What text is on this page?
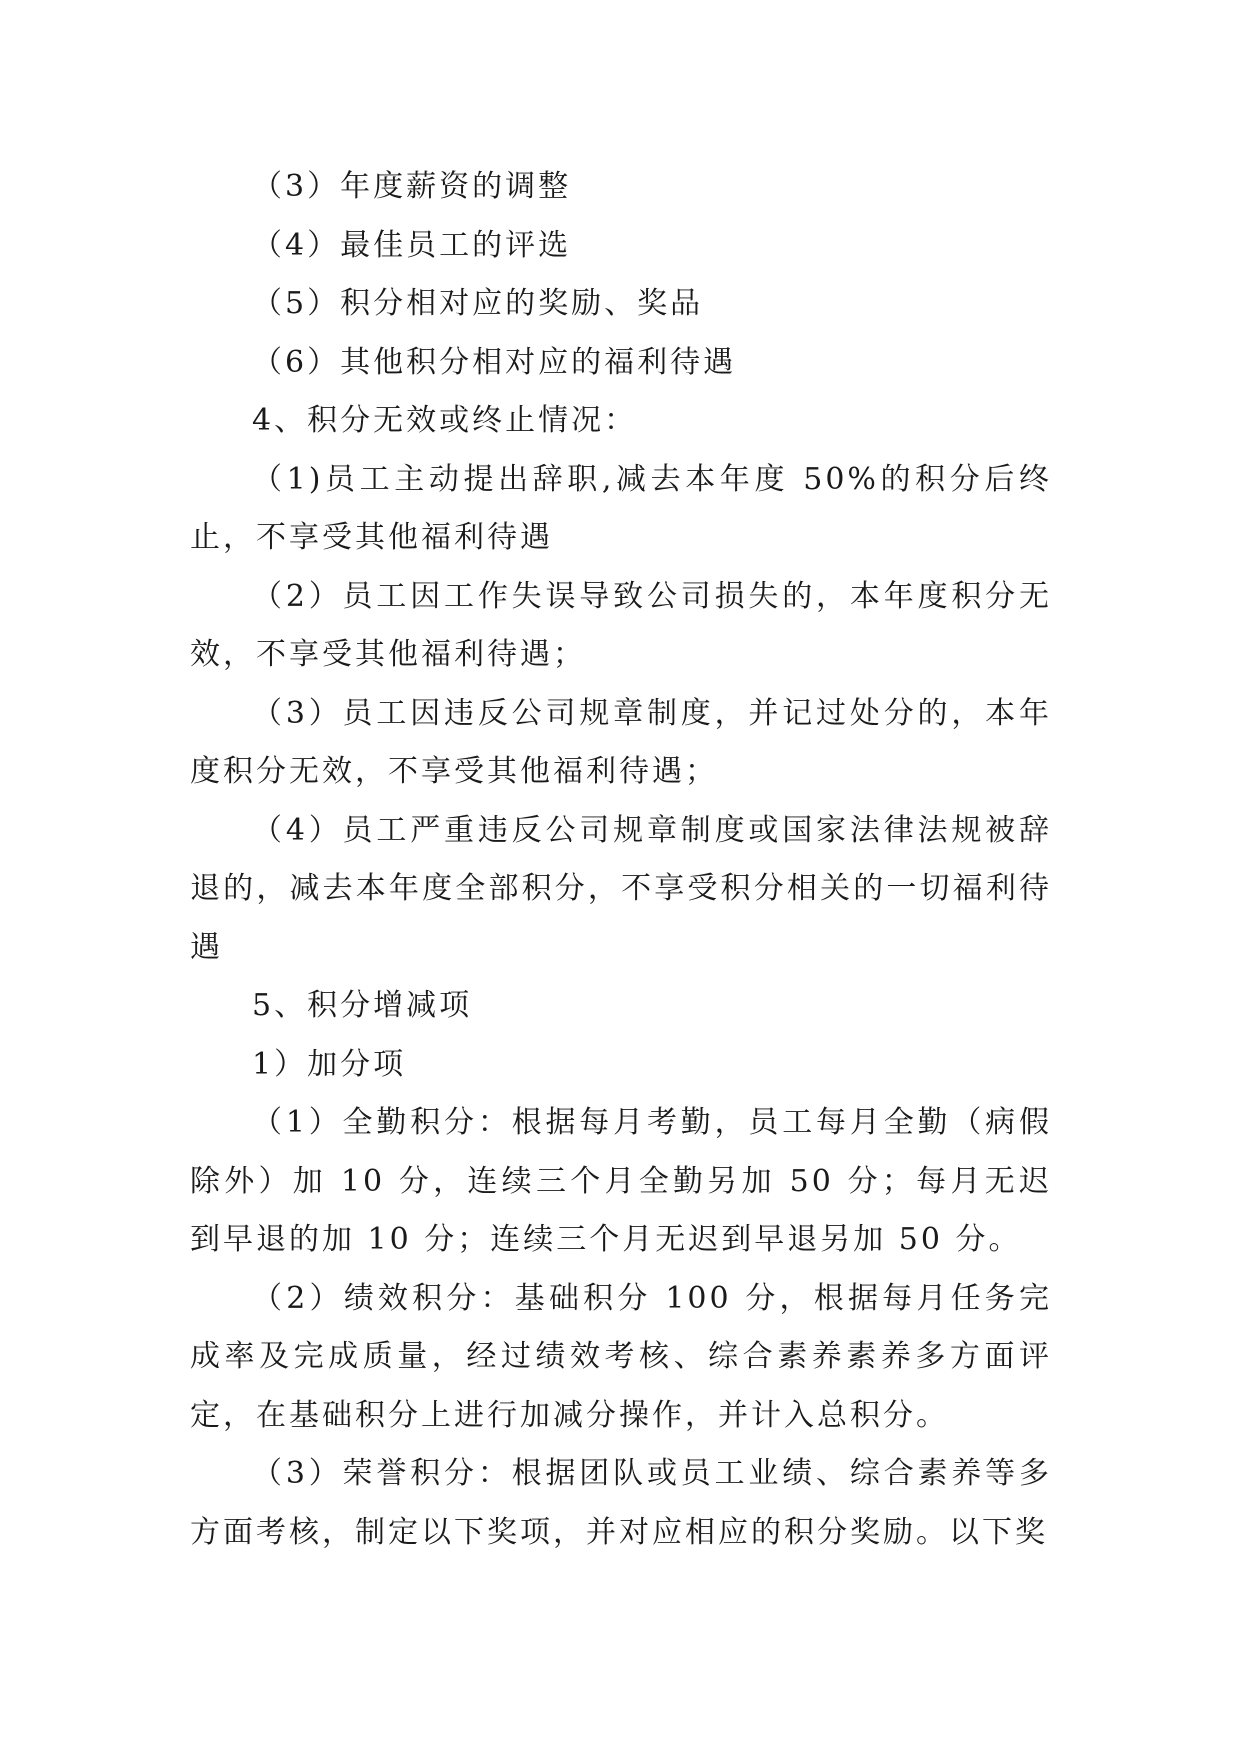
（3）年度薪资的调整

（4）最佳员工的评选

（5）积分相对应的奖励、奖品

（6）其他积分相对应的福利待遇

4、积分无效或终止情况：

（1)员工主动提出辞职,减去本年度 50%的积分后终止，不享受其他福利待遇

（2）员工因工作失误导致公司损失的，本年度积分无效，不享受其他福利待遇；

（3）员工因违反公司规章制度，并记过处分的，本年度积分无效，不享受其他福利待遇；

（4）员工严重违反公司规章制度或国家法律法规被辞退的，减去本年度全部积分，不享受积分相关的一切福利待遇

5、积分增减项

1）加分项

（1）全勤积分：根据每月考勤，员工每月全勤（病假除外）加 10 分，连续三个月全勤另加 50 分；每月无迟到早退的加 10 分；连续三个月无迟到早退另加 50 分。

（2）绩效积分：基础积分 100 分，根据每月任务完成率及完成质量，经过绩效考核、综合素养素养多方面评定，在基础积分上进行加减分操作，并计入总积分。

（3）荣誉积分：根据团队或员工业绩、综合素养等多方面考核，制定以下奖项，并对应相应的积分奖励。以下奖
